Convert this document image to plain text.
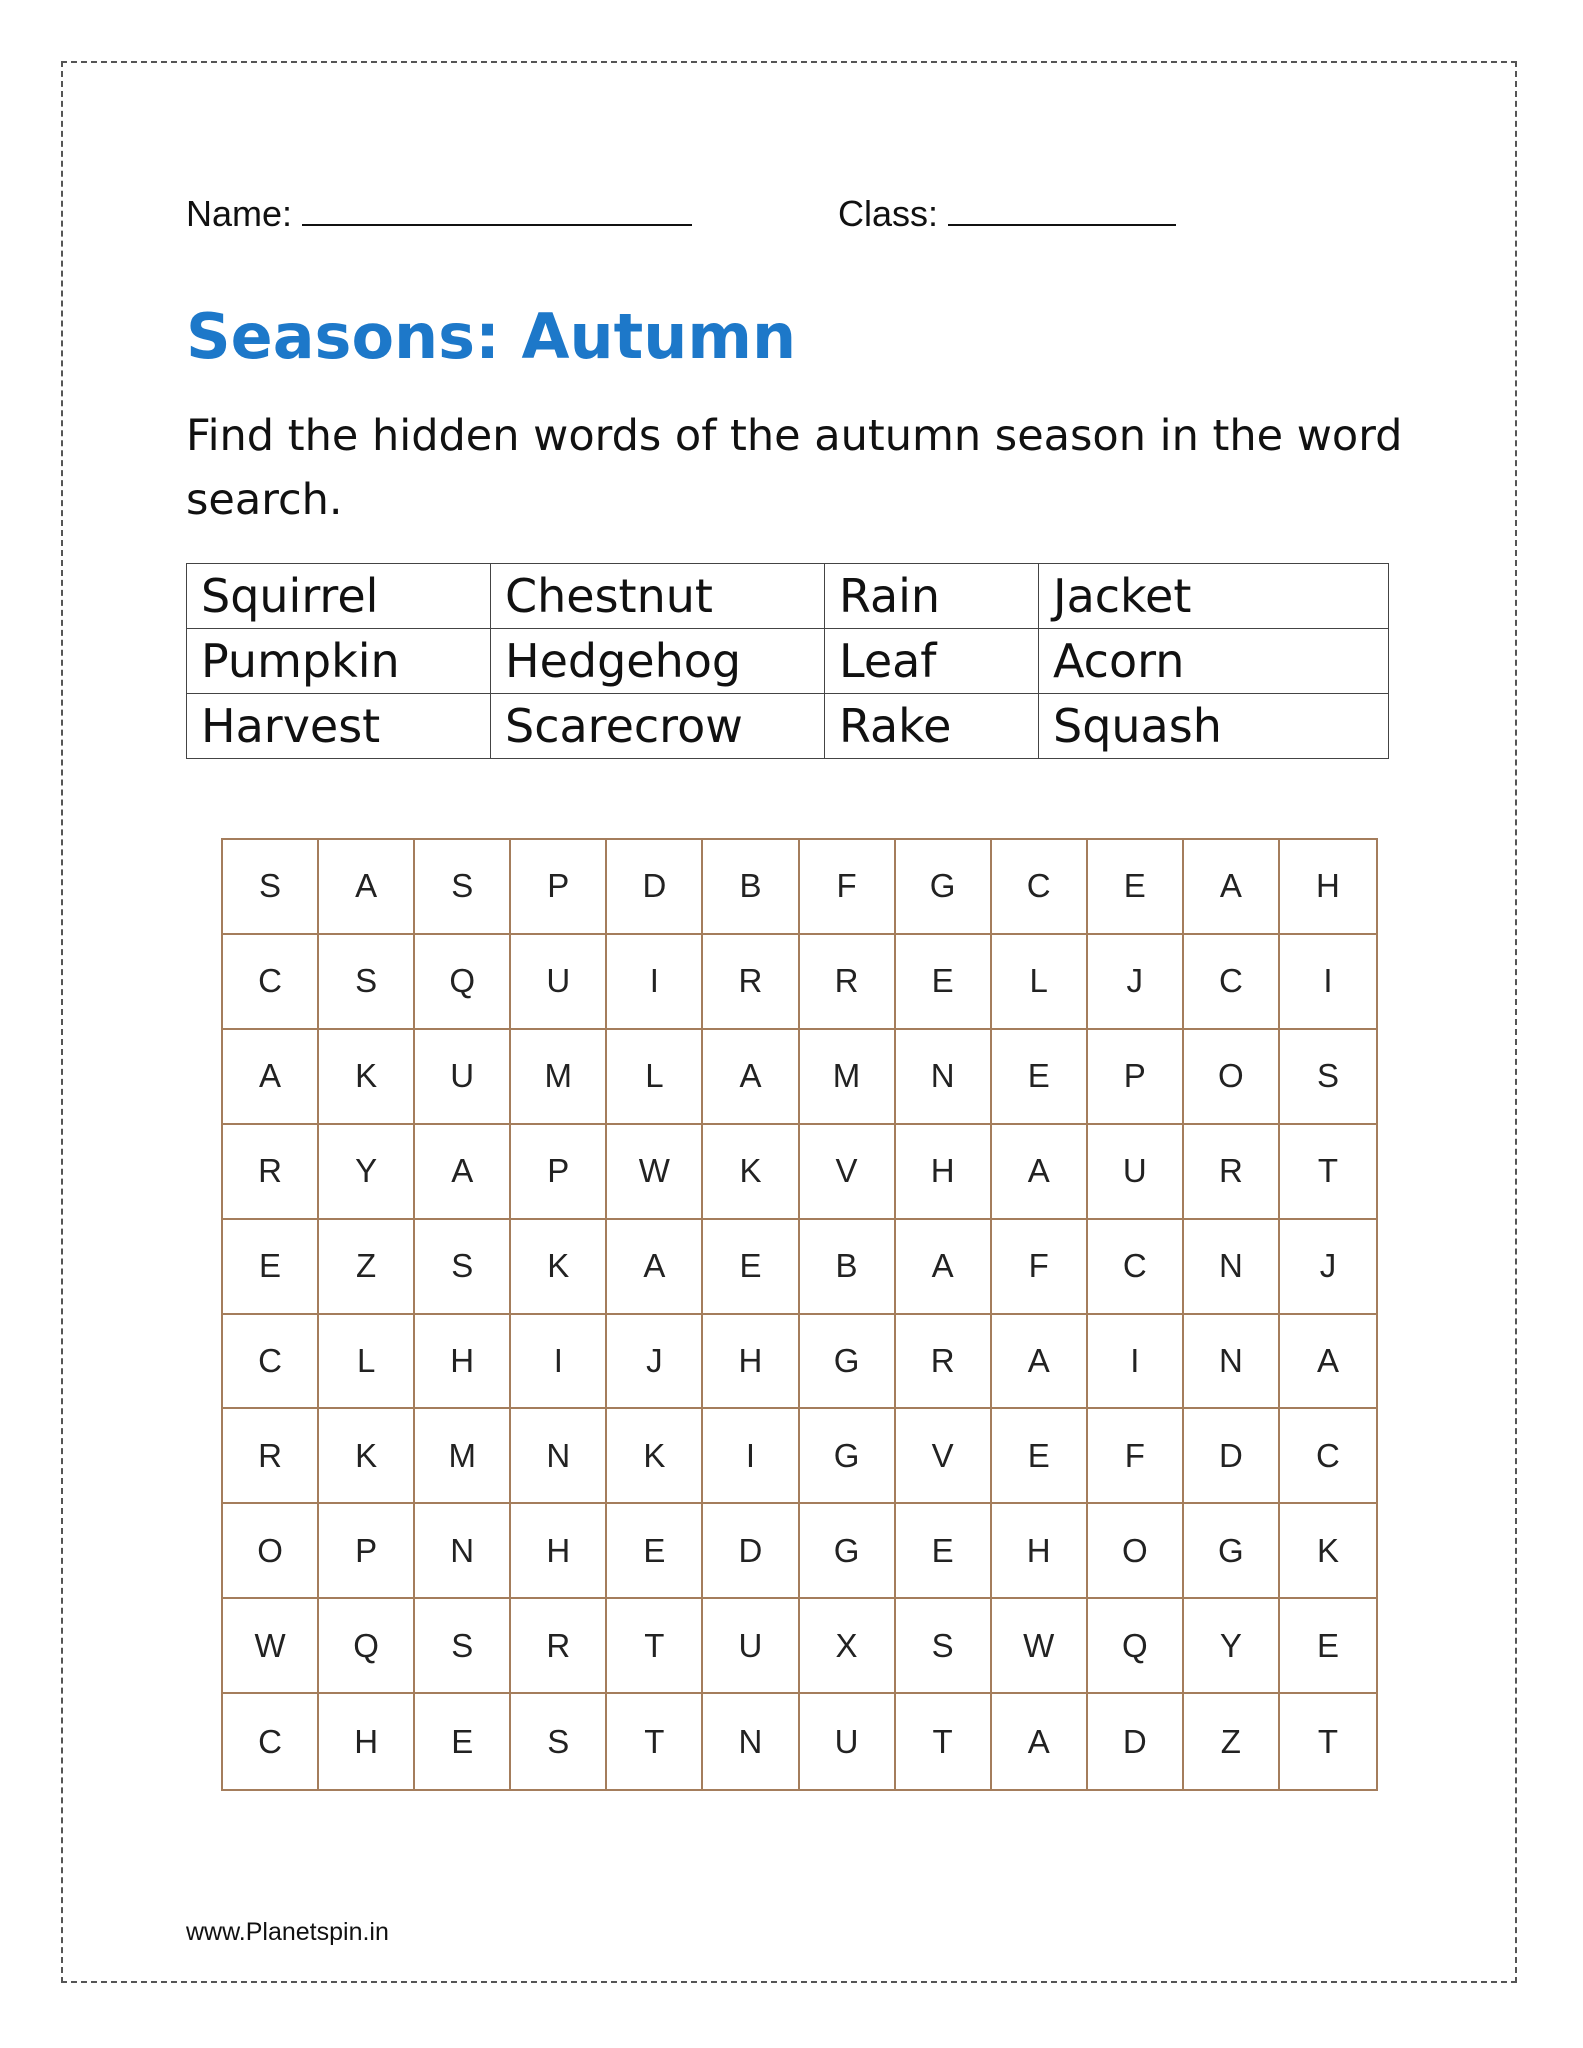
Name:	Class:
Seasons: Autumn

Find the hidden words of the autumn season in the word search.

Squirrel	Chestnut	Rain	Jacket
Pumpkin	Hedgehog	Leaf	Acorn
Harvest	Scarecrow	Rake	Squash
S	A	S	P	D	B	F	G	C	E	A	H
C	S	Q	U	I	R	R	E	L	J	C	I
A	K	U	M	L	A	M	N	E	P	O	S
R	Y	A	P	W	K	V	H	A	U	R	T
E	Z	S	K	A	E	B	A	F	C	N	J
C	L	H	I	J	H	G	R	A	I	N	A
R	K	M	N	K	I	G	V	E	F	D	C
O	P	N	H	E	D	G	E	H	O	G	K
W	Q	S	R	T	U	X	S	W	Q	Y	E
C	H	E	S	T	N	U	T	A	D	Z	T
www.Planetspin.in
